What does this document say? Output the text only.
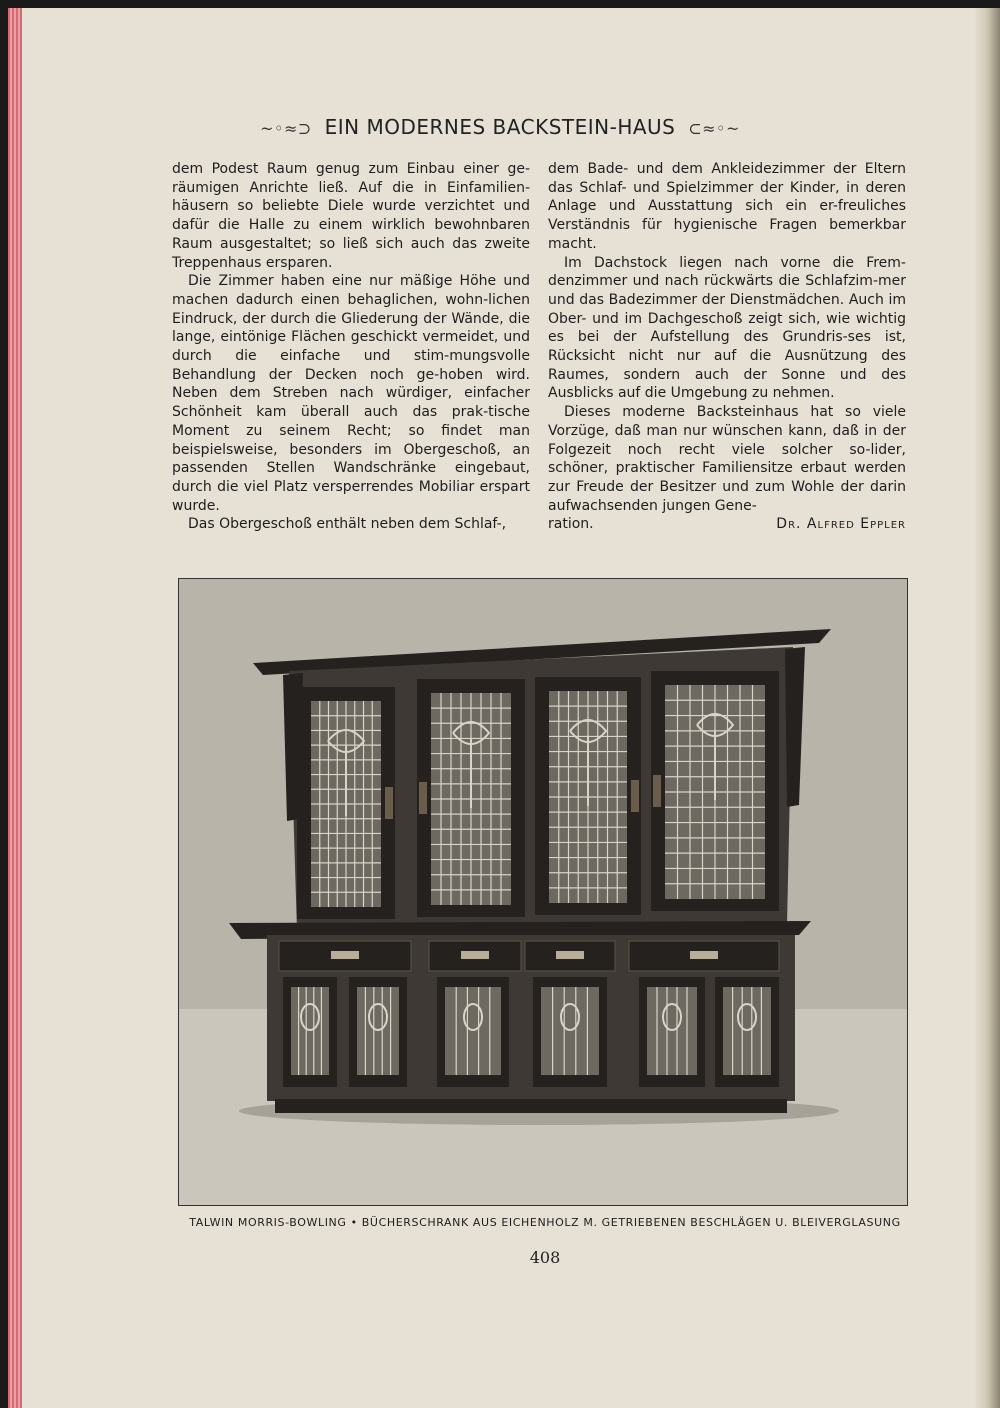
~◦≈⊃ EIN MODERNES BACKSTEIN-HAUS ⊂≈◦~

dem Podest Raum genug zum Einbau einer ge-räumigen Anrichte ließ. Auf die in Einfamilien-häusern so beliebte Diele wurde verzichtet und dafür die Halle zu einem wirklich bewohnbaren Raum ausgestaltet; so ließ sich auch das zweite Treppenhaus ersparen.

Die Zimmer haben eine nur mäßige Höhe und machen dadurch einen behaglichen, wohn-lichen Eindruck, der durch die Gliederung der Wände, die lange, eintönige Flächen geschickt vermeidet, und durch die einfache und stim-mungsvolle Behandlung der Decken noch ge-hoben wird. Neben dem Streben nach würdiger, einfacher Schönheit kam überall auch das prak-tische Moment zu seinem Recht; so findet man beispielsweise, besonders im Obergeschoß, an passenden Stellen Wandschränke eingebaut, durch die viel Platz versperrendes Mobiliar erspart wurde.

Das Obergeschoß enthält neben dem Schlaf-,

dem Bade- und dem Ankleidezimmer der Eltern das Schlaf- und Spielzimmer der Kinder, in deren Anlage und Ausstattung sich ein er-freuliches Verständnis für hygienische Fragen bemerkbar macht.

Im Dachstock liegen nach vorne die Frem-denzimmer und nach rückwärts die Schlafzim-mer und das Badezimmer der Dienstmädchen. Auch im Ober- und im Dachgeschoß zeigt sich, wie wichtig es bei der Aufstellung des Grundris-ses ist, Rücksicht nicht nur auf die Ausnützung des Raumes, sondern auch der Sonne und des Ausblicks auf die Umgebung zu nehmen.

Dieses moderne Backsteinhaus hat so viele Vorzüge, daß man nur wünschen kann, daß in der Folgezeit noch recht viele solcher so-lider, schöner, praktischer Familiensitze erbaut werden zur Freude der Besitzer und zum Wohle der darin aufwachsenden jungen Gene-

ration.	Dr. Alfred Eppler
TALWIN MORRIS-BOWLING • BÜCHERSCHRANK AUS EICHENHOLZ M. GETRIEBENEN BESCHLÄGEN U. BLEIVERGLASUNG
408
